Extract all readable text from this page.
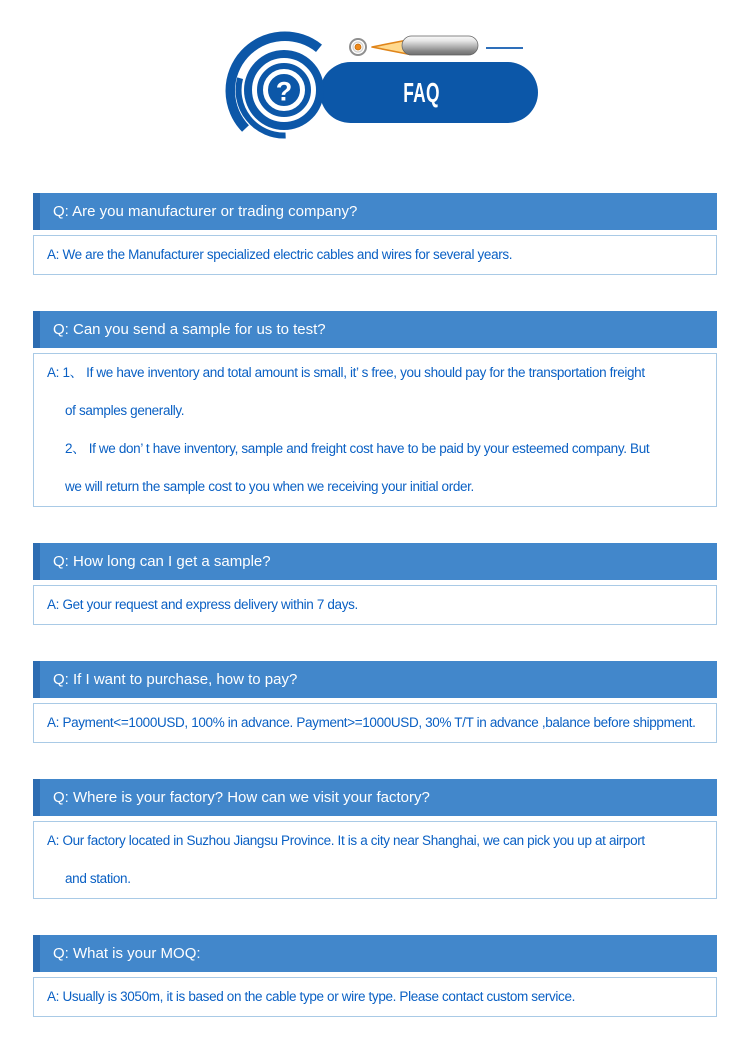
FAQ
?
Q: Are you manufacturer or trading company?
A: We are the Manufacturer specialized electric cables and wires for several years.
Q: Can you send a sample for us to test?
A: 1、 If we have inventory and total amount is small, it’ s free, you should pay for the transportation freight
of samples generally.
2、 If we don’ t have inventory, sample and freight cost have to be paid by your esteemed company. But
we will return the sample cost to you when we receiving your initial order.
Q: How long can I get a sample?
A: Get your request and express delivery within 7 days.
Q: If I want to purchase, how to pay?
A: Payment<=1000USD, 100% in advance. Payment>=1000USD, 30% T/T in advance ,balance before shippment.
Q: Where is your factory? How can we visit your factory?
A: Our factory located in Suzhou Jiangsu Province. It is a city near Shanghai, we can pick you up at airport
and station.
Q: What is your MOQ:
A: Usually is 3050m, it is based on the cable type or wire type. Please contact custom service.
